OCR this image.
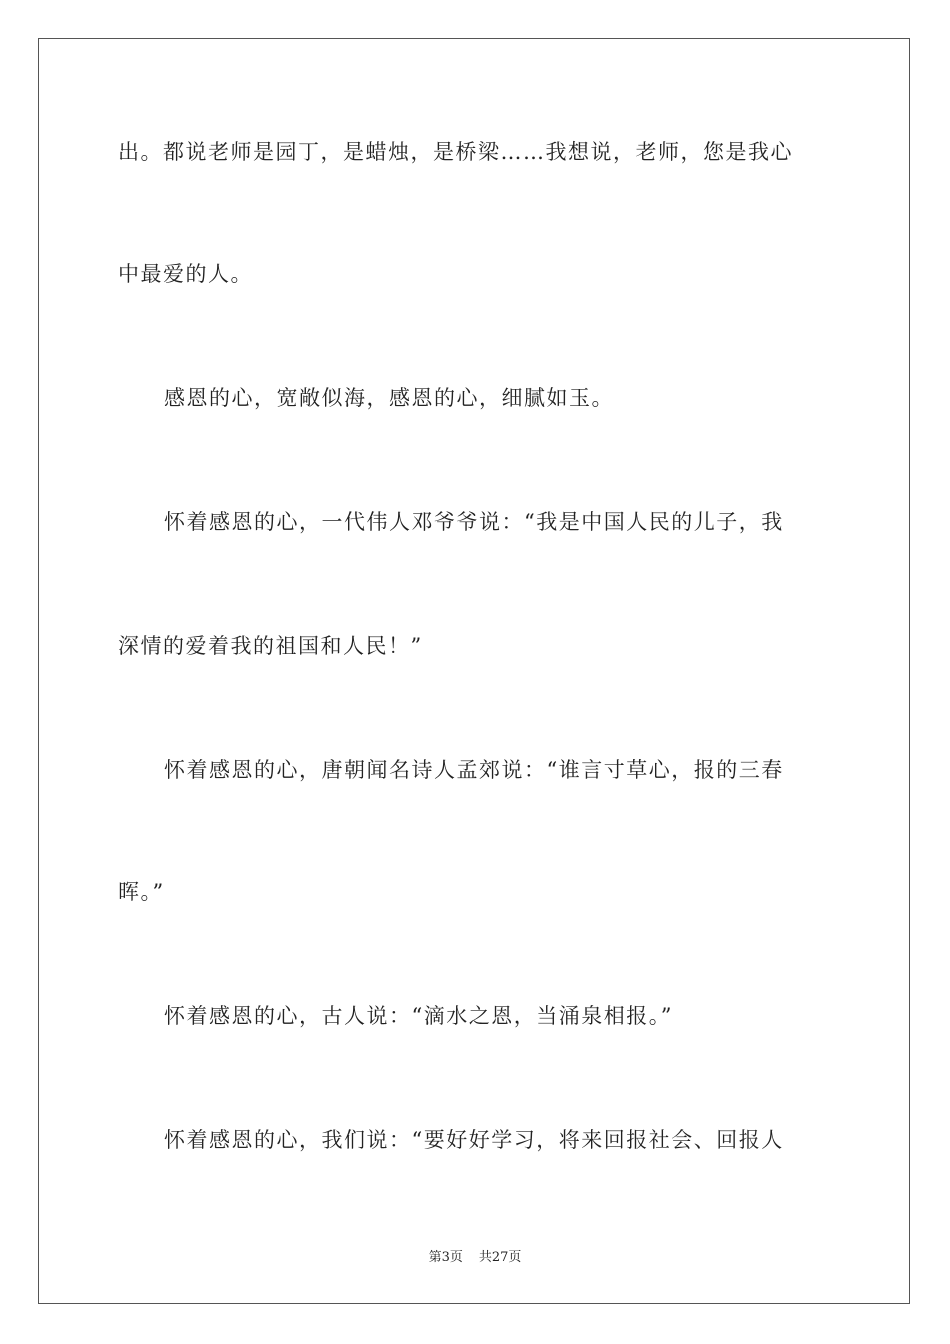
出。都说老师是园丁，是蜡烛，是桥梁……我想说，老师，您是我心
中最爱的人。
感恩的心，宽敞似海，感恩的心，细腻如玉。
怀着感恩的心，一代伟人邓爷爷说：“我是中国人民的儿子，我
深情的爱着我的祖国和人民！”
怀着感恩的心，唐朝闻名诗人孟郊说：“谁言寸草心，报的三春
晖。”
怀着感恩的心，古人说：“滴水之恩，当涌泉相报。”
怀着感恩的心，我们说：“要好好学习，将来回报社会、回报人
第3页 共27页
